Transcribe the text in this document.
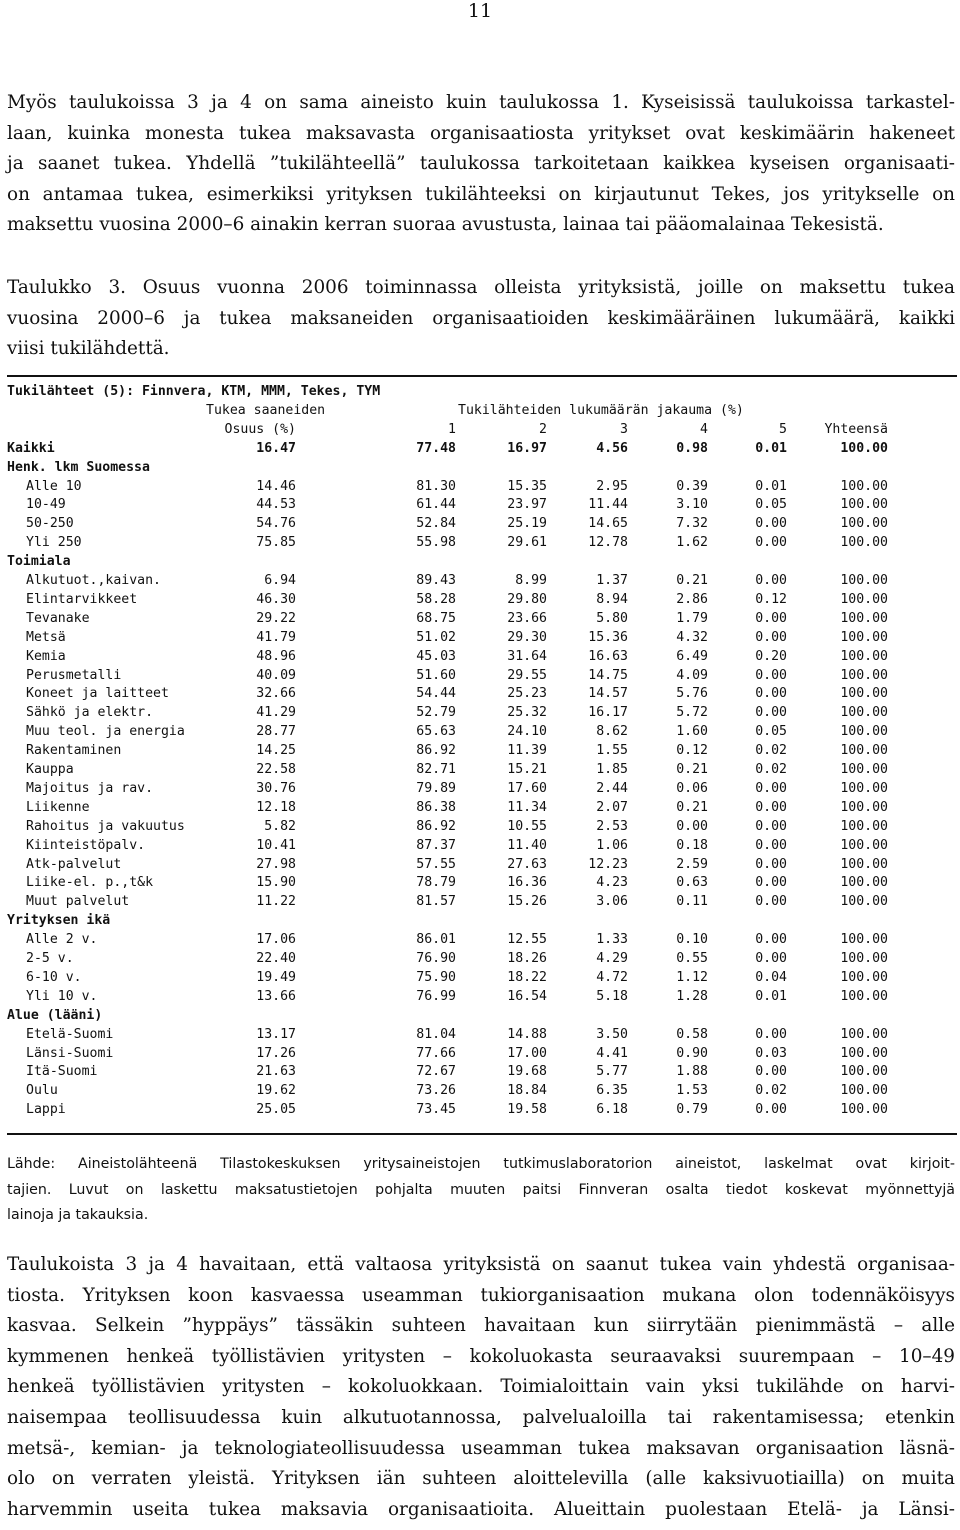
11
Myös taulukoissa 3 ja 4 on sama aineisto kuin taulukossa 1. Kyseisissä taulukoissa tarkastel-
laan, kuinka monesta tukea maksavasta organisaatiosta yritykset ovat keskimäärin hakeneet
ja saanet tukea. Yhdellä ”tukilähteellä” taulukossa tarkoitetaan kaikkea kyseisen organisaati-
on antamaa tukea, esimerkiksi yrityksen tukilähteeksi on kirjautunut Tekes, jos yritykselle on
maksettu vuosina 2000–6 ainakin kerran suoraa avustusta, lainaa tai pääomalainaa Tekesistä.
Taulukko 3. Osuus vuonna 2006 toiminnassa olleista yrityksistä, joille on maksettu tukea
vuosina 2000–6 ja tukea maksaneiden organisaatioiden keskimääräinen lukumäärä, kaikki
viisi tukilähdettä.
Tukilähteet (5): Finnvera, KTM, MMM, Tekes, TYM
Tukea saaneiden	Tukilähteiden lukumäärän jakauma (%)
Osuus (%)	1	2	3	4	5	Yhteensä
Kaikki	16.47	77.48	16.97	4.56	0.98	0.01	100.00
Henk. lkm Suomessa
Alle 10	14.46	81.30	15.35	2.95	0.39	0.01	100.00
10-49	44.53	61.44	23.97	11.44	3.10	0.05	100.00
50-250	54.76	52.84	25.19	14.65	7.32	0.00	100.00
Yli 250	75.85	55.98	29.61	12.78	1.62	0.00	100.00
Toimiala
Alkutuot.,kaivan.	6.94	89.43	8.99	1.37	0.21	0.00	100.00
Elintarvikkeet	46.30	58.28	29.80	8.94	2.86	0.12	100.00
Tevanake	29.22	68.75	23.66	5.80	1.79	0.00	100.00
Metsä	41.79	51.02	29.30	15.36	4.32	0.00	100.00
Kemia	48.96	45.03	31.64	16.63	6.49	0.20	100.00
Perusmetalli	40.09	51.60	29.55	14.75	4.09	0.00	100.00
Koneet ja laitteet	32.66	54.44	25.23	14.57	5.76	0.00	100.00
Sähkö ja elektr.	41.29	52.79	25.32	16.17	5.72	0.00	100.00
Muu teol. ja energia	28.77	65.63	24.10	8.62	1.60	0.05	100.00
Rakentaminen	14.25	86.92	11.39	1.55	0.12	0.02	100.00
Kauppa	22.58	82.71	15.21	1.85	0.21	0.02	100.00
Majoitus ja rav.	30.76	79.89	17.60	2.44	0.06	0.00	100.00
Liikenne	12.18	86.38	11.34	2.07	0.21	0.00	100.00
Rahoitus ja vakuutus	5.82	86.92	10.55	2.53	0.00	0.00	100.00
Kiinteistöpalv.	10.41	87.37	11.40	1.06	0.18	0.00	100.00
Atk-palvelut	27.98	57.55	27.63	12.23	2.59	0.00	100.00
Liike-el. p.,t&k	15.90	78.79	16.36	4.23	0.63	0.00	100.00
Muut palvelut	11.22	81.57	15.26	3.06	0.11	0.00	100.00
Yrityksen ikä
Alle 2 v.	17.06	86.01	12.55	1.33	0.10	0.00	100.00
2-5 v.	22.40	76.90	18.26	4.29	0.55	0.00	100.00
6-10 v.	19.49	75.90	18.22	4.72	1.12	0.04	100.00
Yli 10 v.	13.66	76.99	16.54	5.18	1.28	0.01	100.00
Alue (lääni)
Etelä-Suomi	13.17	81.04	14.88	3.50	0.58	0.00	100.00
Länsi-Suomi	17.26	77.66	17.00	4.41	0.90	0.03	100.00
Itä-Suomi	21.63	72.67	19.68	5.77	1.88	0.00	100.00
Oulu	19.62	73.26	18.84	6.35	1.53	0.02	100.00
Lappi	25.05	73.45	19.58	6.18	0.79	0.00	100.00
Lähde: Aineistolähteenä Tilastokeskuksen yritysaineistojen tutkimuslaboratorion aineistot, laskelmat ovat kirjoit-
tajien. Luvut on laskettu maksatustietojen pohjalta muuten paitsi Finnveran osalta tiedot koskevat myönnettyjä
lainoja ja takauksia.
Taulukoista 3 ja 4 havaitaan, että valtaosa yrityksistä on saanut tukea vain yhdestä organisaa-
tiosta. Yrityksen koon kasvaessa useamman tukiorganisaation mukana olon todennäköisyys
kasvaa. Selkein ”hyppäys” tässäkin suhteen havaitaan kun siirrytään pienimmästä – alle
kymmenen henkeä työllistävien yritysten – kokoluokasta seuraavaksi suurempaan – 10–49
henkeä työllistävien yritysten – kokoluokkaan. Toimialoittain vain yksi tukilähde on harvi-
naisempaa teollisuudessa kuin alkutuotannossa, palvelualoilla tai rakentamisessa; etenkin
metsä-, kemian- ja teknologiateollisuudessa useamman tukea maksavan organisaation läsnä-
olo on verraten yleistä. Yrityksen iän suhteen aloittelevilla (alle kaksivuotiailla) on muita
harvemmin useita tukea maksavia organisaatioita. Alueittain puolestaan Etelä- ja Länsi-
